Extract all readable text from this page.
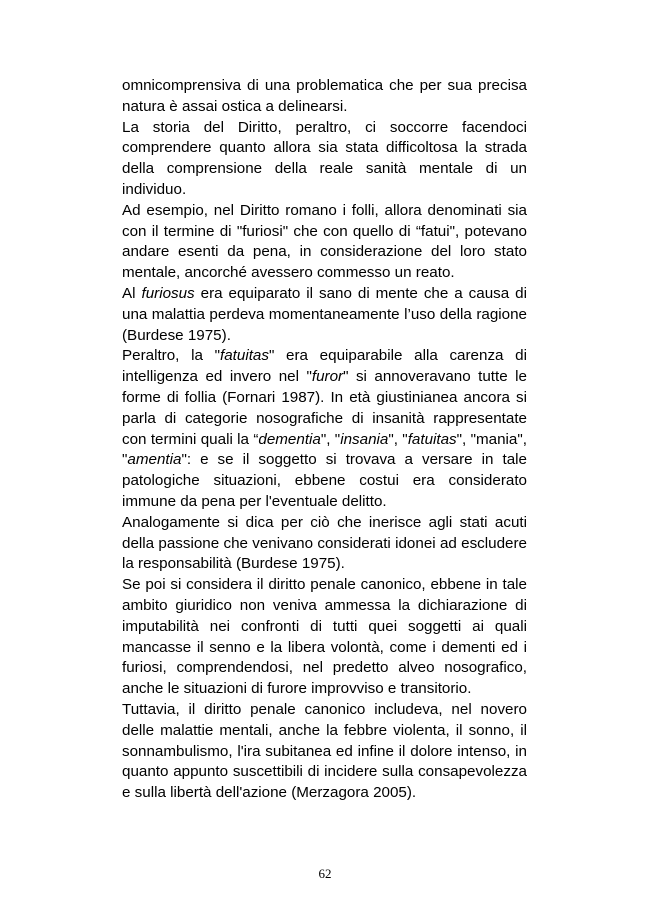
omnicomprensiva di una problematica che per sua precisa natura è assai ostica a delinearsi.

La storia del Diritto, peraltro, ci soccorre facendoci comprendere quanto allora sia stata difficoltosa la strada della comprensione della reale sanità mentale di un individuo.

Ad esempio, nel Diritto romano i folli, allora denominati sia con il termine di "furiosi" che con quello di “fatui", potevano andare esenti da pena, in considerazione del loro stato mentale, ancorché avessero commesso un reato.

Al furiosus era equiparato il sano di mente che a causa di una malattia perdeva momentaneamente l’uso della ragione (Burdese 1975).

Peraltro, la "fatuitas" era equiparabile alla carenza di intelligenza ed invero nel "furor" si annoveravano tutte le forme di follia (Fornari 1987). In età giustinianea ancora si parla di categorie nosografiche di insanità rappresentate con termini quali la “dementia", "insania", "fatuitas", "mania", "amentia": e se il soggetto si trovava a versare in tale patologiche situazioni, ebbene costui era considerato immune da pena per l'eventuale delitto.

Analogamente si dica per ciò che inerisce agli stati acuti della passione che venivano considerati idonei ad escludere la responsabilità (Burdese 1975).

Se poi si considera il diritto penale canonico, ebbene in tale ambito giuridico non veniva ammessa la dichiarazione di imputabilità nei confronti di tutti quei soggetti ai quali mancasse il senno e la libera volontà, come i dementi ed i furiosi, comprendendosi, nel predetto alveo nosografico, anche le situazioni di furore improvviso e transitorio.

Tuttavia, il diritto penale canonico includeva, nel novero delle malattie mentali, anche la febbre violenta, il sonno, il sonnambulismo, l'ira subitanea ed infine il dolore intenso, in quanto appunto suscettibili di incidere sulla consapevolezza e sulla libertà dell'azione (Merzagora 2005).

62
